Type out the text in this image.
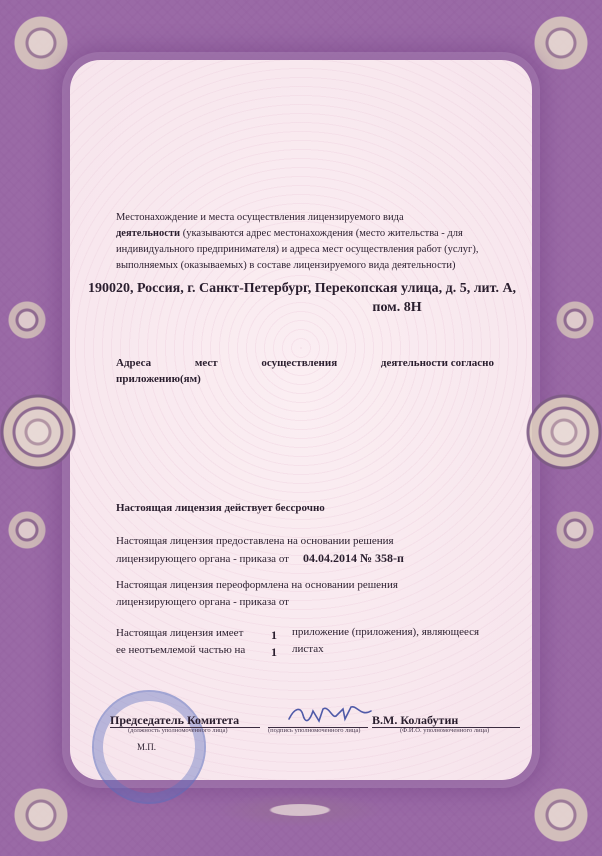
Местонахождение и места осуществления лицензируемого вида
деятельности (указываются адрес местонахождения (место жительства - для
индивидуального предпринимателя) и адреса мест осуществления работ (услуг),
выполняемых (оказываемых) в составе лицензируемого вида деятельности)
190020, Россия, г. Санкт-Петербург, Перекопская улица, д. 5, лит. А,
пом. 8Н
Адреса	мест	осуществления	деятельности согласно
приложению(ям)
Настоящая лицензия действует бессрочно
Настоящая лицензия предоставлена на основании решения
лицензирующего органа - приказа от 04.04.2014 № 358-п
Настоящая лицензия переоформлена на основании решения
лицензирующего органа - приказа от
Настоящая лицензия имеет
ее неотъемлемой частью на
1
1
приложение (приложения), являющееся
листах
Председатель Комитета
(должность уполномоченного лица)	(подпись уполномоченного лица)
В.М. Колабутин
(Ф.И.О. уполномоченного лица)
М.П.
